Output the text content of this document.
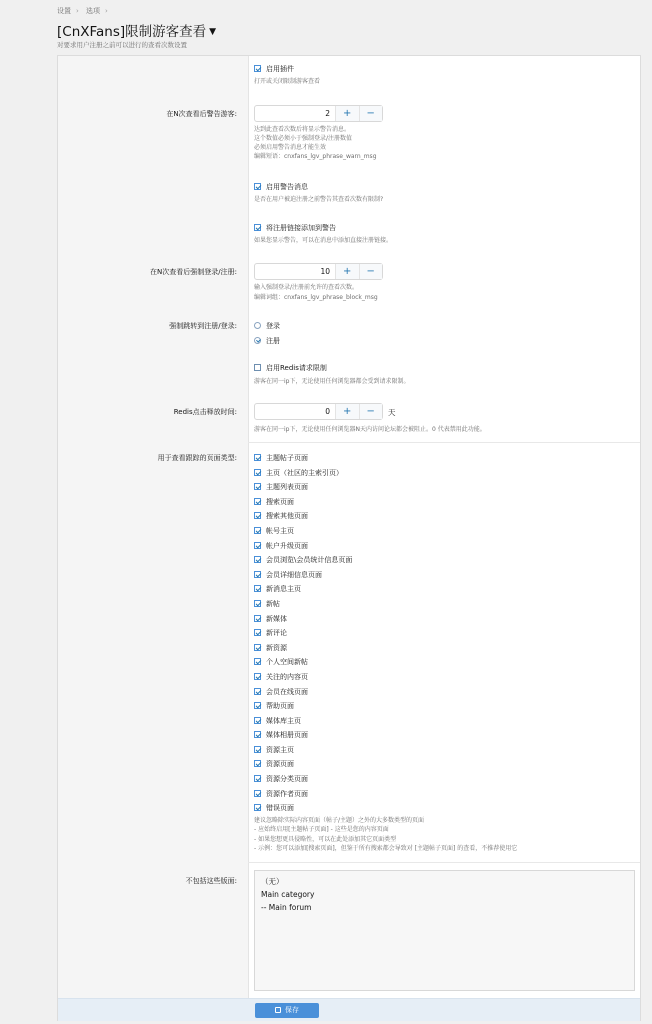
设置 › 选项 ›
[CnXFans]限制游客查看 ▼
对要求用户注册之前可以进行的查看次数设置
启用插件
打开或关闭限制游客查看
在N次查看后警告游客:	2	+	−
达到此查看次数后将显示警告消息。
这个数值必须小于强制登录/注册数值
必须启用警告消息才能生效
编辑短语：cnxfans_lgv_phrase_warn_msg
启用警告消息
是否在用户被迫注册之前警告其查看次数有限制?
将注册链接添加到警告
如果您显示警告，可以在消息中添加直接注册链接。
在N次查看后强制登录/注册:	10	+	−
输入强制登录/注册前允许的查看次数。
编辑词组：cnxfans_lgv_phrase_block_msg
强制跳转到注册/登录:	登录
注册
启用Redis请求限制
游客在同一ip下，无论使用任何浏览器都会受到请求限制。
Redis点击释放时间:	0	+	−	天
游客在同一ip下，无论使用任何浏览器N天内访问论坛都会被阻止。0 代表禁用此功能。
用于查看跟踪的页面类型:	主题帖子页面
主页（社区的主索引页）
主题列表页面
搜索页面
搜索其他页面
帐号主页
帐户升级页面
会员浏览\会员统计信息页面
会员详细信息页面
新消息主页
新帖
新媒体
新评论
新资源
个人空间新帖
关注的内容页
会员在线页面
帮助页面
媒体库主页
媒体相册页面
资源主页
资源页面
资源分类页面
资源作者页面
错误页面
建议忽略除实际内容页面（帖子/主题）之外的大多数类型的页面
- 应始终启用[主题帖子页面] - 这些是您的内容页面
- 如果您想更具侵略性，可以在此处添加其它页面类型
- 示例：您可以添加[搜索页面]，但鉴于所有搜索都会导致对 [主题帖子页面] 的查看，不推荐使用它
不包括这些版面:	（无）
Main category
-- Main forum
保存
